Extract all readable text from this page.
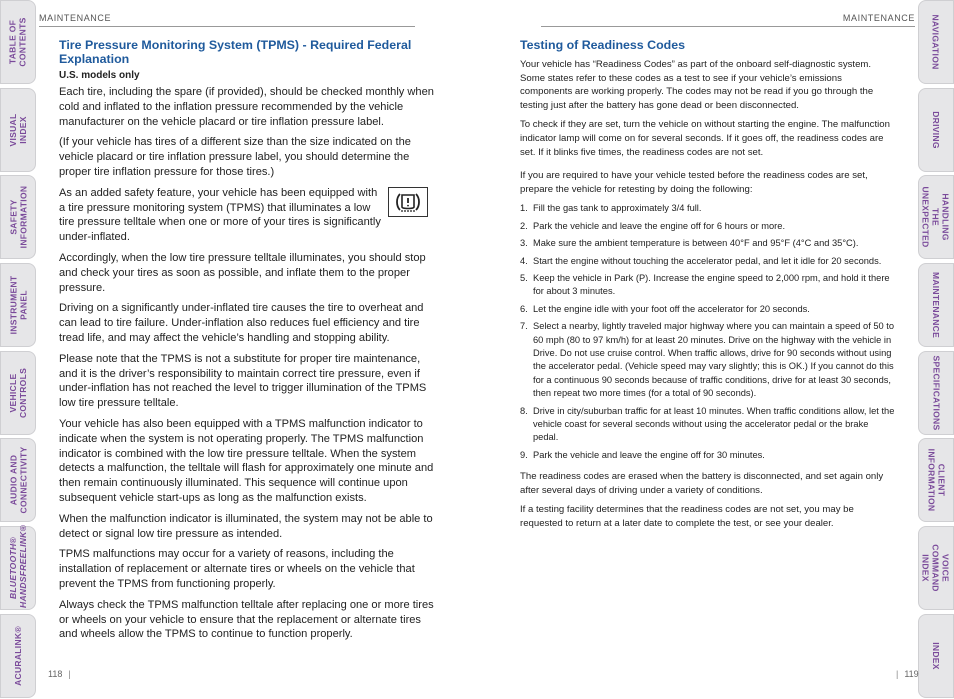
TABLE OF
CONTENTS
VISUAL INDEX
SAFETY
INFORMATION
INSTRUMENT
PANEL
VEHICLE
CONTROLS
AUDIO AND
CONNECTIVITY
BLUETOOTH®
HANDSFREELINK®
ACURALINK®
NAVIGATION
DRIVING
HANDLING THE
UNEXPECTED
MAINTENANCE
SPECIFICATIONS
CLIENT
INFORMATION
VOICE COMMAND
INDEX
INDEX
MAINTENANCE	MAINTENANCE
Tire Pressure Monitoring System (TPMS) - Required Federal Explanation
U.S. models only

Each tire, including the spare (if provided), should be checked monthly when cold and inflated to the inflation pressure recommended by the vehicle manufacturer on the vehicle placard or tire inflation pressure label.

(If your vehicle has tires of a different size than the size indicated on the vehicle placard or tire inflation pressure label, you should determine the proper tire inflation pressure for those tires.)

As an added safety feature, your vehicle has been equipped with a tire pressure monitoring system (TPMS) that illuminates a low tire pressure telltale when one or more of your tires is significantly under-inflated.

Accordingly, when the low tire pressure telltale illuminates, you should stop and check your tires as soon as possible, and inflate them to the proper pressure.

Driving on a significantly under-inflated tire causes the tire to overheat and can lead to tire failure. Under-inflation also reduces fuel efficiency and tire tread life, and may affect the vehicle’s handling and stopping ability.

Please note that the TPMS is not a substitute for proper tire maintenance, and it is the driver’s responsibility to maintain correct tire pressure, even if under-inflation has not reached the level to trigger illumination of the TPMS low tire pressure telltale.

Your vehicle has also been equipped with a TPMS malfunction indicator to indicate when the system is not operating properly. The TPMS malfunction indicator is combined with the low tire pressure telltale. When the system detects a malfunction, the telltale will flash for approximately one minute and then remain continuously illuminated. This sequence will continue upon subsequent vehicle start-ups as long as the malfunction exists.

When the malfunction indicator is illuminated, the system may not be able to detect or signal low tire pressure as intended.

TPMS malfunctions may occur for a variety of reasons, including the installation of replacement or alternate tires or wheels on the vehicle that prevent the TPMS from functioning properly.

Always check the TPMS malfunction telltale after replacing one or more tires or wheels on your vehicle to ensure that the replacement or alternate tires and wheels allow the TPMS to continue to function properly.

Testing of Readiness Codes

Your vehicle has “Readiness Codes” as part of the onboard self-diagnostic system. Some states refer to these codes as a test to see if your vehicle’s emissions components are working properly. The codes may not be read if you go through the testing just after the battery has gone dead or been disconnected.

To check if they are set, turn the vehicle on without starting the engine. The malfunction indicator lamp will come on for several seconds. If it goes off, the readiness codes are set. If it blinks five times, the readiness codes are not set.

If you are required to have your vehicle tested before the readiness codes are set, prepare the vehicle for retesting by doing the following:

1. Fill the gas tank to approximately 3/4 full.
2. Park the vehicle and leave the engine off for 6 hours or more.
3. Make sure the ambient temperature is between 40°F and 95°F (4°C and 35°C).
4. Start the engine without touching the accelerator pedal, and let it idle for 20 seconds.
5. Keep the vehicle in Park (P). Increase the engine speed to 2,000 rpm, and hold it there for about 3 minutes.
6. Let the engine idle with your foot off the accelerator for 20 seconds.
7. Select a nearby, lightly traveled major highway where you can maintain a speed of 50 to 60 mph (80 to 97 km/h) for at least 20 minutes. Drive on the highway with the vehicle in Drive. Do not use cruise control. When traffic allows, drive for 90 seconds without using the accelerator pedal. (Vehicle speed may vary slightly; this is OK.) If you cannot do this for a continuous 90 seconds because of traffic conditions, drive for at least 30 seconds, then repeat two more times (for a total of 90 seconds).
8. Drive in city/suburban traffic for at least 10 minutes. When traffic conditions allow, let the vehicle coast for several seconds without using the accelerator pedal or the brake pedal.
9. Park the vehicle and leave the engine off for 30 minutes.

The readiness codes are erased when the battery is disconnected, and set again only after several days of driving under a variety of conditions.

If a testing facility determines that the readiness codes are not set, you may be requested to return at a later date to complete the test, or see your dealer.

118 |	| 119
